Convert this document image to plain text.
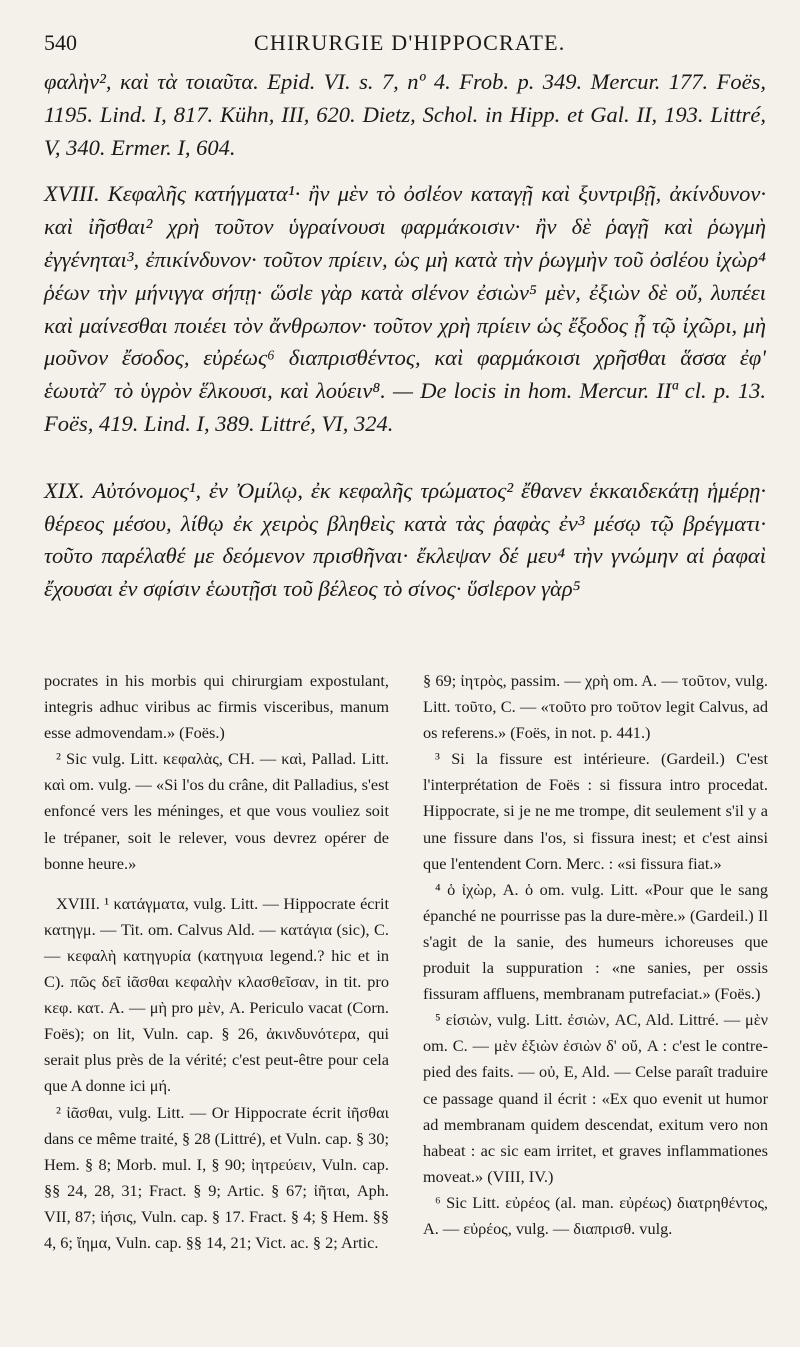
540	CHIRURGIE D'HIPPOCRATE.

φαλὴν², καὶ τὰ τοιαῦτα. Epid. VI. s. 7, nº 4. Frob. p. 349. Mercur. 177. Foës, 1195. Lind. I, 817. Kühn, III, 620. Dietz, Schol. in Hipp. et Gal. II, 193. Littré, V, 340. Ermer. I, 604.

XVIII. Κεφαλῆς κατήγματα¹· ἢν μὲν τὸ ὀσlέον καταγῇ καὶ ξυντριβῇ, ἀκίνδυνον· καὶ ἰῆσθαι² χρὴ τοῦτον ὑγραίνουσι φαρμάκοισιν· ἢν δὲ ῥαγῇ καὶ ῥωγμὴ ἐγγένηται³, ἐπικίνδυνον· τοῦτον πρίειν, ὡς μὴ κατὰ τὴν ῥωγμὴν τοῦ ὀσlέου ἰχὼρ⁴ ῥέων τὴν μήνιγγα σήπῃ· ὥσlε γὰρ κατὰ σlένον ἐσιὼν⁵ μὲν, ἐξιὼν δὲ οὔ, λυπέει καὶ μαίνεσθαι ποιέει τὸν ἄνθρωπον· τοῦτον χρὴ πρίειν ὡς ἔξοδος ᾖ τῷ ἰχῶρι, μὴ μοῦνον ἔσοδος, εὐρέως⁶ διαπρισθέντος, καὶ φαρμάκοισι χρῆσθαι ἅσσα ἐφ' ἑωυτὰ⁷ τὸ ὑγρὸν ἕλκουσι, καὶ λούειν⁸. — De locis in hom. Mercur. IIª cl. p. 13. Foës, 419. Lind. I, 389. Littré, VI, 324.

XIX. Αὐτόνομος¹, ἐν Ὀμίλῳ, ἐκ κεφαλῆς τρώματος² ἔθανεν ἑκκαιδεκάτῃ ἡμέρῃ· θέρεος μέσου, λίθῳ ἐκ χειρὸς βληθεὶς κατὰ τὰς ῥαφὰς ἐν³ μέσῳ τῷ βρέγματι· τοῦτο παρέλαθέ με δεόμενον πρισθῆναι· ἔκλεψαν δέ μευ⁴ τὴν γνώμην αἱ ῥαφαὶ ἔχουσαι ἐν σφίσιν ἑωυτῇσι τοῦ βέλεος τὸ σίνος· ὕσlερον γὰρ⁵

pocrates in his morbis qui chirurgiam expostulant, integris adhuc viribus ac firmis visceribus, manum esse admovendam.» (Foës.)

² Sic vulg. Litt. κεφαλὰς, CH. — καὶ, Pallad. Litt. καὶ om. vulg. — «Si l'os du crâne, dit Palladius, s'est enfoncé vers les méninges, et que vous vouliez soit le trépaner, soit le relever, vous devrez opérer de bonne heure.»

XVIII. ¹ κατάγματα, vulg. Litt. — Hippocrate écrit κατηγμ. — Tit. om. Calvus Ald. — κατάγια (sic), C. — κεφαλὴ κατηγυρία (κατηγυια legend.? hic et in C). πῶς δεῖ ἰᾶσθαι κεφαλὴν κλασθεῖσαν, in tit. pro κεφ. κατ. A. — μὴ pro μὲν, A. Periculo vacat (Corn. Foës); on lit, Vuln. cap. § 26, ἀκινδυνότερα, qui serait plus près de la vérité; c'est peut-être pour cela que A donne ici μή.

² ἰᾶσθαι, vulg. Litt. — Or Hippocrate écrit ἰῆσθαι dans ce même traité, § 28 (Littré), et Vuln. cap. § 30; Hem. § 8; Morb. mul. I, § 90; ἰητρεύειν, Vuln. cap. §§ 24, 28, 31; Fract. § 9; Artic. § 67; ἰῆται, Aph. VII, 87; ἰήσις, Vuln. cap. § 17. Fract. § 4; § Hem. §§ 4, 6; ἴημα, Vuln. cap. §§ 14, 21; Vict. ac. § 2; Artic.

§ 69; ἰητρὸς, passim. — χρὴ om. A. — τοῦτον, vulg. Litt. τοῦτο, C. — «τοῦτο pro τοῦτον legit Calvus, ad os referens.» (Foës, in not. p. 441.)

³ Si la fissure est intérieure. (Gardeil.) C'est l'interprétation de Foës : si fissura intro procedat. Hippocrate, si je ne me trompe, dit seulement s'il y a une fissure dans l'os, si fissura inest; et c'est ainsi que l'entendent Corn. Merc. : «si fissura fiat.»

⁴ ὁ ἰχὼρ, A. ὁ om. vulg. Litt. «Pour que le sang épanché ne pourrisse pas la dure-mère.» (Gardeil.) Il s'agit de la sanie, des humeurs ichoreuses que produit la suppuration : «ne sanies, per ossis fissuram affluens, membranam putrefaciat.» (Foës.)

⁵ εἰσιὼν, vulg. Litt. ἐσιὼν, AC, Ald. Littré. — μὲν om. C. — μὲν ἐξιὼν ἐσιὼν δ' οὔ, A : c'est le contre-pied des faits. — οὐ, E, Ald. — Celse paraît traduire ce passage quand il écrit : «Ex quo evenit ut humor ad membranam quidem descendat, exitum vero non habeat : ac sic eam irritet, et graves inflammationes moveat.» (VIII, IV.)

⁶ Sic Litt. εὐρέος (al. man. εὐρέως) διατρηθέντος, A. — εὐρέος, vulg. — διαπρισθ. vulg.
